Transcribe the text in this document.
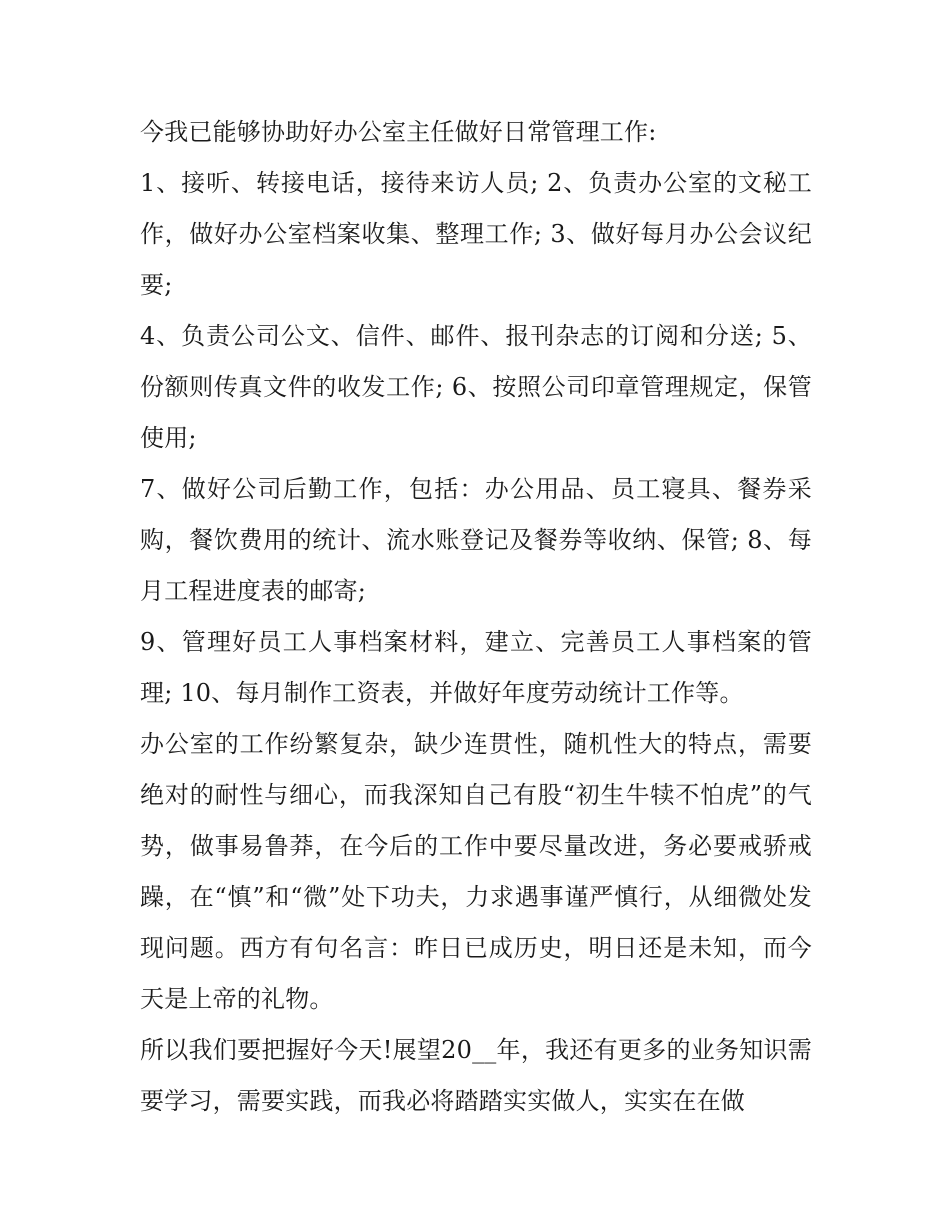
今我已能够协助好办公室主任做好日常管理工作:

1、接听、转接电话，接待来访人员; 2、负责办公室的文秘工作，做好办公室档案收集、整理工作; 3、做好每月办公会议纪要;

4、负责公司公文、信件、邮件、报刊杂志的订阅和分送; 5、份额则传真文件的收发工作; 6、按照公司印章管理规定，保管使用;

7、做好公司后勤工作，包括：办公用品、员工寝具、餐券采购，餐饮费用的统计、流水账登记及餐券等收纳、保管; 8、每月工程进度表的邮寄;

9、管理好员工人事档案材料，建立、完善员工人事档案的管理; 10、每月制作工资表，并做好年度劳动统计工作等。

办公室的工作纷繁复杂，缺少连贯性，随机性大的特点，需要绝对的耐性与细心，而我深知自己有股“初生牛犊不怕虎”的气势，做事易鲁莽，在今后的工作中要尽量改进，务必要戒骄戒躁，在“慎”和“微”处下功夫，力求遇事谨严慎行，从细微处发现问题。西方有句名言：昨日已成历史，明日还是未知，而今天是上帝的礼物。

所以我们要把握好今天!展望20__年，我还有更多的业务知识需要学习，需要实践，而我必将踏踏实实做人，实实在在做
